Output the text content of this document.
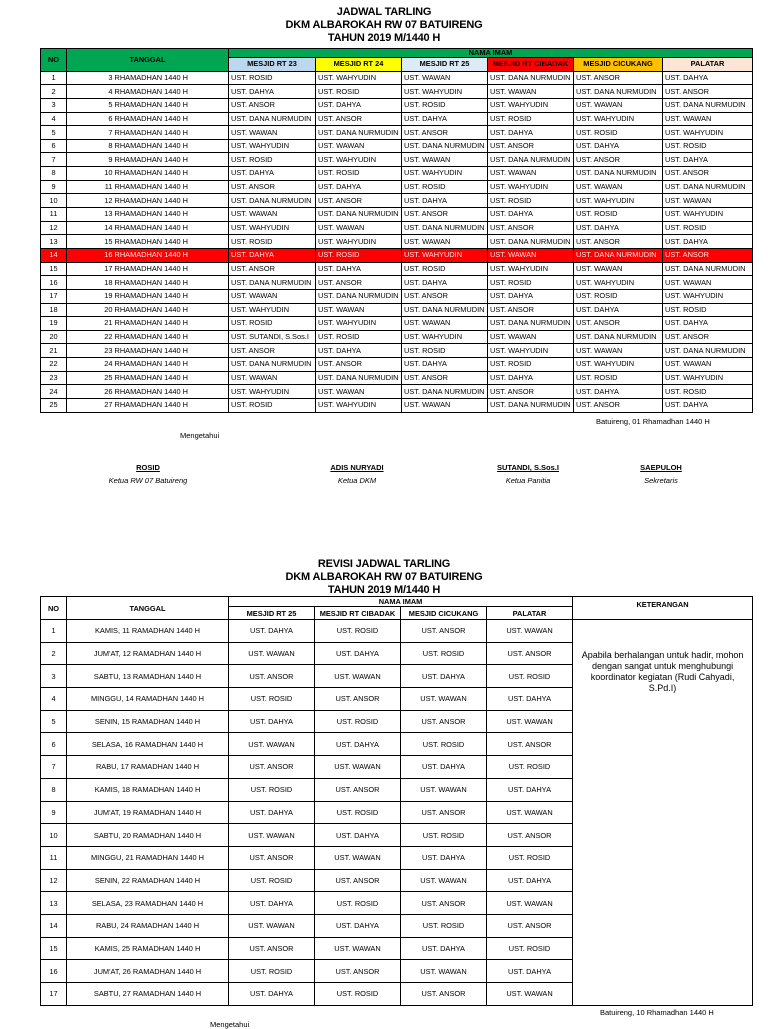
JADWAL TARLING
DKM ALBAROKAH RW 07 BATUIRENG
TAHUN 2019 M/1440 H
NO	TANGGAL	NAMA IMAM					
		MESJID RT 23	MESJID RT 24	MESJID RT 25	MESJID RT CIBADAK	MESJID CICUKANG	PALATAR
1	3 RHAMADHAN 1440 H	UST. ROSID	UST. WAHYUDIN	UST. WAWAN	UST. DANA NURMUDIN	UST. ANSOR	UST. DAHYA
2	4 RHAMADHAN 1440 H	UST. DAHYA	UST. ROSID	UST. WAHYUDIN	UST. WAWAN	UST. DANA NURMUDIN	UST. ANSOR
3	5 RHAMADHAN 1440 H	UST. ANSOR	UST. DAHYA	UST. ROSID	UST. WAHYUDIN	UST. WAWAN	UST. DANA NURMUDIN
4	6 RHAMADHAN 1440 H	UST. DANA NURMUDIN	UST. ANSOR	UST. DAHYA	UST. ROSID	UST. WAHYUDIN	UST. WAWAN
5	7 RHAMADHAN 1440 H	UST. WAWAN	UST. DANA NURMUDIN	UST. ANSOR	UST. DAHYA	UST. ROSID	UST. WAHYUDIN
6	8 RHAMADHAN 1440 H	UST. WAHYUDIN	UST. WAWAN	UST. DANA NURMUDIN	UST. ANSOR	UST. DAHYA	UST. ROSID
7	9 RHAMADHAN 1440 H	UST. ROSID	UST. WAHYUDIN	UST. WAWAN	UST. DANA NURMUDIN	UST. ANSOR	UST. DAHYA
8	10 RHAMADHAN 1440 H	UST. DAHYA	UST. ROSID	UST. WAHYUDIN	UST. WAWAN	UST. DANA NURMUDIN	UST. ANSOR
9	11 RHAMADHAN 1440 H	UST. ANSOR	UST. DAHYA	UST. ROSID	UST. WAHYUDIN	UST. WAWAN	UST. DANA NURMUDIN
10	12 RHAMADHAN 1440 H	UST. DANA NURMUDIN	UST. ANSOR	UST. DAHYA	UST. ROSID	UST. WAHYUDIN	UST. WAWAN
11	13 RHAMADHAN 1440 H	UST. WAWAN	UST. DANA NURMUDIN	UST. ANSOR	UST. DAHYA	UST. ROSID	UST. WAHYUDIN
12	14 RHAMADHAN 1440 H	UST. WAHYUDIN	UST. WAWAN	UST. DANA NURMUDIN	UST. ANSOR	UST. DAHYA	UST. ROSID
13	15 RHAMADHAN 1440 H	UST. ROSID	UST. WAHYUDIN	UST. WAWAN	UST. DANA NURMUDIN	UST. ANSOR	UST. DAHYA
14	16 RHAMADHAN 1440 H	UST. DAHYA	UST. ROSID	UST. WAHYUDIN	UST. WAWAN	UST. DANA NURMUDIN	UST. ANSOR
15	17 RHAMADHAN 1440 H	UST. ANSOR	UST. DAHYA	UST. ROSID	UST. WAHYUDIN	UST. WAWAN	UST. DANA NURMUDIN
16	18 RHAMADHAN 1440 H	UST. DANA NURMUDIN	UST. ANSOR	UST. DAHYA	UST. ROSID	UST. WAHYUDIN	UST. WAWAN
17	19 RHAMADHAN 1440 H	UST. WAWAN	UST. DANA NURMUDIN	UST. ANSOR	UST. DAHYA	UST. ROSID	UST. WAHYUDIN
18	20 RHAMADHAN 1440 H	UST. WAHYUDIN	UST. WAWAN	UST. DANA NURMUDIN	UST. ANSOR	UST. DAHYA	UST. ROSID
19	21 RHAMADHAN 1440 H	UST. ROSID	UST. WAHYUDIN	UST. WAWAN	UST. DANA NURMUDIN	UST. ANSOR	UST. DAHYA
20	22 RHAMADHAN 1440 H	UST. SUTANDI, S.Sos.I	UST. ROSID	UST. WAHYUDIN	UST. WAWAN	UST. DANA NURMUDIN	UST. ANSOR
21	23 RHAMADHAN 1440 H	UST. ANSOR	UST. DAHYA	UST. ROSID	UST. WAHYUDIN	UST. WAWAN	UST. DANA NURMUDIN
22	24 RHAMADHAN 1440 H	UST. DANA NURMUDIN	UST. ANSOR	UST. DAHYA	UST. ROSID	UST. WAHYUDIN	UST. WAWAN
23	25 RHAMADHAN 1440 H	UST. WAWAN	UST. DANA NURMUDIN	UST. ANSOR	UST. DAHYA	UST. ROSID	UST. WAHYUDIN
24	26 RHAMADHAN 1440 H	UST. WAHYUDIN	UST. WAWAN	UST. DANA NURMUDIN	UST. ANSOR	UST. DAHYA	UST. ROSID
25	27 RHAMADHAN 1440 H	UST. ROSID	UST. WAHYUDIN	UST. WAWAN	UST. DANA NURMUDIN	UST. ANSOR	UST. DAHYA
Batuireng, 01 Rhamadhan 1440 H
Mengetahui
ROSID
Ketua RW 07 Batuireng
ADIS NURYADI
Ketua DKM
SUTANDI, S.Sos.I
Ketua Panitia
SAEPULOH
Sekretaris
REVISI JADWAL TARLING
DKM ALBAROKAH RW 07 BATUIRENG
TAHUN 2019 M/1440 H
NO	TANGGAL	NAMA IMAM				KETERANGAN
		MESJID RT 25	MESJID RT CIBADAK	MESJID CICUKANG	PALATAR	
1	KAMIS, 11 RAMADHAN 1440 H	UST. DAHYA	UST. ROSID	UST. ANSOR	UST. WAWAN	Apabila berhalangan untuk hadir, mohon dengan sangat untuk menghubungi koordinator kegiatan (Rudi Cahyadi, S.Pd.I)
2	JUM'AT, 12 RAMADHAN 1440 H	UST. WAWAN	UST. DAHYA	UST. ROSID	UST. ANSOR	
3	SABTU, 13 RAMADHAN 1440 H	UST. ANSOR	UST. WAWAN	UST. DAHYA	UST. ROSID	
4	MINGGU, 14 RAMADHAN 1440 H	UST. ROSID	UST. ANSOR	UST. WAWAN	UST. DAHYA	
5	SENIN, 15 RAMADHAN 1440 H	UST. DAHYA	UST. ROSID	UST. ANSOR	UST. WAWAN	
6	SELASA, 16 RAMADHAN 1440 H	UST. WAWAN	UST. DAHYA	UST. ROSID	UST. ANSOR	
7	RABU, 17 RAMADHAN 1440 H	UST. ANSOR	UST. WAWAN	UST. DAHYA	UST. ROSID	
8	KAMIS, 18 RAMADHAN 1440 H	UST. ROSID	UST. ANSOR	UST. WAWAN	UST. DAHYA	
9	JUM'AT, 19 RAMADHAN 1440 H	UST. DAHYA	UST. ROSID	UST. ANSOR	UST. WAWAN	
10	SABTU, 20 RAMADHAN 1440 H	UST. WAWAN	UST. DAHYA	UST. ROSID	UST. ANSOR	
11	MINGGU, 21 RAMADHAN 1440 H	UST. ANSOR	UST. WAWAN	UST. DAHYA	UST. ROSID	
12	SENIN, 22 RAMADHAN 1440 H	UST. ROSID	UST. ANSOR	UST. WAWAN	UST. DAHYA	
13	SELASA, 23 RAMADHAN 1440 H	UST. DAHYA	UST. ROSID	UST. ANSOR	UST. WAWAN	
14	RABU, 24 RAMADHAN 1440 H	UST. WAWAN	UST. DAHYA	UST. ROSID	UST. ANSOR	
15	KAMIS, 25 RAMADHAN 1440 H	UST. ANSOR	UST. WAWAN	UST. DAHYA	UST. ROSID	
16	JUM'AT, 26 RAMADHAN 1440 H	UST. ROSID	UST. ANSOR	UST. WAWAN	UST. DAHYA	
17	SABTU, 27 RAMADHAN 1440 H	UST. DAHYA	UST. ROSID	UST. ANSOR	UST. WAWAN	
Batuireng, 10 Rhamadhan 1440 H
Mengetahui
